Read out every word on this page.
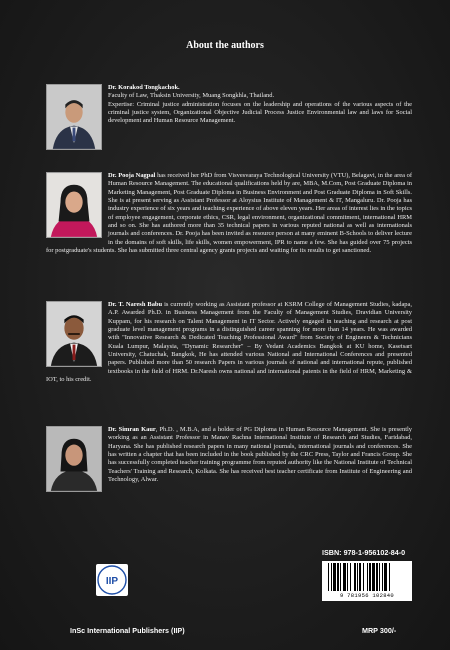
About the authors
Dr. Korakod Tongkachok.
Faculty of Law, Thaksin University, Muang Songkhla, Thailand.
Expertise: Criminal justice administration focuses on the leadership and operations of the various aspects of the criminal justice system, Organizational Objective Judicial Process Justice Environmental law and laws for Social development and Human Resource Management.
Dr. Pooja Nagpal has received her PhD from Visvesvaraya Technological University (VTU), Belagavi, in the area of Human Resource Management. The educational qualifications held by are, MBA, M.Com, Post Graduate Diploma in Marketing Management, Post Graduate Diploma in Business Environment and Post Graduate Diploma in Soft Skills. She is at present serving as Assistant Professor at Aloysius Institute of Management & IT, Mangaluru. Dr. Pooja has industry experience of six years and teaching experience of above eleven years. Her areas of interest lies in the topics of employee engagement, corporate ethics, CSR, legal environment, organizational commitment, international HRM and so on. She has authored more than 35 technical papers in various reputed national as well as internationals journals and conferences. Dr. Pooja has been invited as resource person at many eminent B-Schools to deliver lecture in the domains of soft skills, life skills, women empowerment, IPR to name a few. She has guided over 75 projects for postgraduate's students. She has submitted three central agency grants projects and waiting for its results to get sanctioned.
Dr. T. Naresh Babu is currently working as Assistant professor at KSRM College of Management Studies, kadapa, A.P. Awarded Ph.D. in Business Management from the Faculty of Management Studies, Dravidian University Kuppam, for his research on Talent Management in IT Sector. Actively engaged in teaching and research at post graduate level management programs in a distinguished career spanning for more than 14 years. He was awarded with "Innovative Research & Dedicated Teaching Professional Award" from Society of Engineers & Technicians Kuala Lumpur, Malaysia, "Dynamic Researcher" – By Vedant Academics Bangkok at KU home, Kasetsart University, Chatuchak, Bangkok, He has attended various National and International Conferences and presented papers. Published more than 50 research Papers in various journals of national and international repute, published textbooks in the field of HRM. Dr.Naresh owns national and international patents in the field of HRM, Marketing & IOT, to his credit.
Dr. Simran Kaur, Ph.D. , M.B.A, and a holder of PG Diploma in Human Resource Management. She is presently working as an Assistant Professor in Manav Rachna International Institute of Research and Studies, Faridabad, Haryana. She has published research papers in many national journals, international journals and conferences. She has written a chapter that has been included in the book published by the CRC Press, Taylor and Francis Group. She has successfully completed teacher training programme from reputed authority like the National Institute of Technical Teachers' Training and Research, Kolkata. She has received best teacher certificate from Institute of Engineering and Technology, Alwar.
IIP
InSc International Publishers (IIP)
ISBN: 978-1-956102-84-0
9 781956 102840
MRP 300/-
